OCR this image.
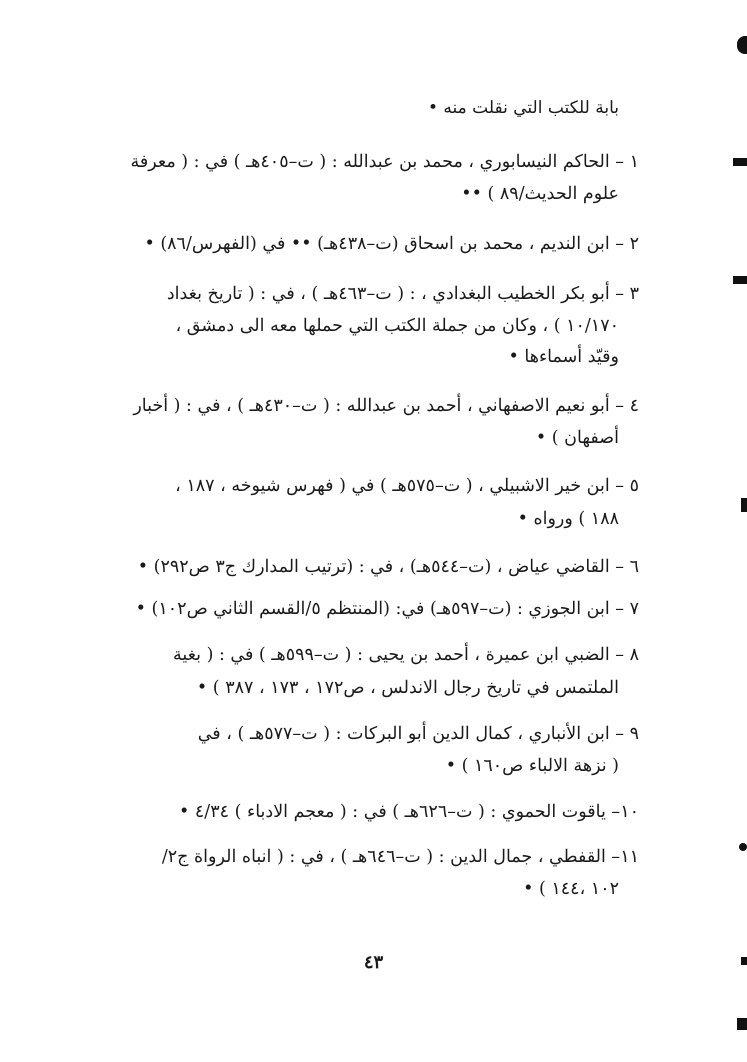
بابة للكتب التي نقلت منه •
١ – الحاكم النيسابوري ، محمد بن عبدالله : ( ت–٤٠٥هـ ) في : ( معرفة
علوم الحديث/٨٩ ) ••
٢ – ابن النديم ، محمد بن اسحاق (ت–٤٣٨هـ) •• في (الفهرس/٨٦) •
٣ – أبو بكر الخطيب البغدادي ، : ( ت–٤٦٣هـ ) ، في : ( تاريخ بغداد
١٠/١٧٠ ) ، وكان من جملة الكتب التي حملها معه الى دمشق ،
وقيّد أسماءها •
٤ – أبو نعيم الاصفهاني ، أحمد بن عبدالله : ( ت–٤٣٠هـ ) ، في : ( أخبار
أصفهان ) •
٥ – ابن خير الاشبيلي ، ( ت–٥٧٥هـ ) في ( فهرس شيوخه ، ١٨٧ ،
١٨٨ ) ورواه •
٦ – القاضي عياض ، (ت–٥٤٤هـ) ، في : (ترتيب المدارك ج٣ ص٢٩٢) •
٧ – ابن الجوزي : (ت–٥٩٧هـ) في: (المنتظم ٥/القسم الثاني ص١٠٢) •
٨ – الضبي ابن عميرة ، أحمد بن يحيى : ( ت–٥٩٩هـ ) في : ( بغية
الملتمس في تاريخ رجال الاندلس ، ص١٧٢ ، ١٧٣ ، ٣٨٧ ) •
٩ – ابن الأنباري ، كمال الدين أبو البركات : ( ت–٥٧٧هـ ) ، في
( نزهة الالباء ص١٦٠ ) •
١٠– ياقوت الحموي : ( ت–٦٢٦هـ ) في : ( معجم الادباء ) ٤/٣٤ •
١١– القفطي ، جمال الدين : ( ت–٦٤٦هـ ) ، في : ( انباه الرواة ج٢/
١٠٢ ،١٤٤ ) •
٤٣
